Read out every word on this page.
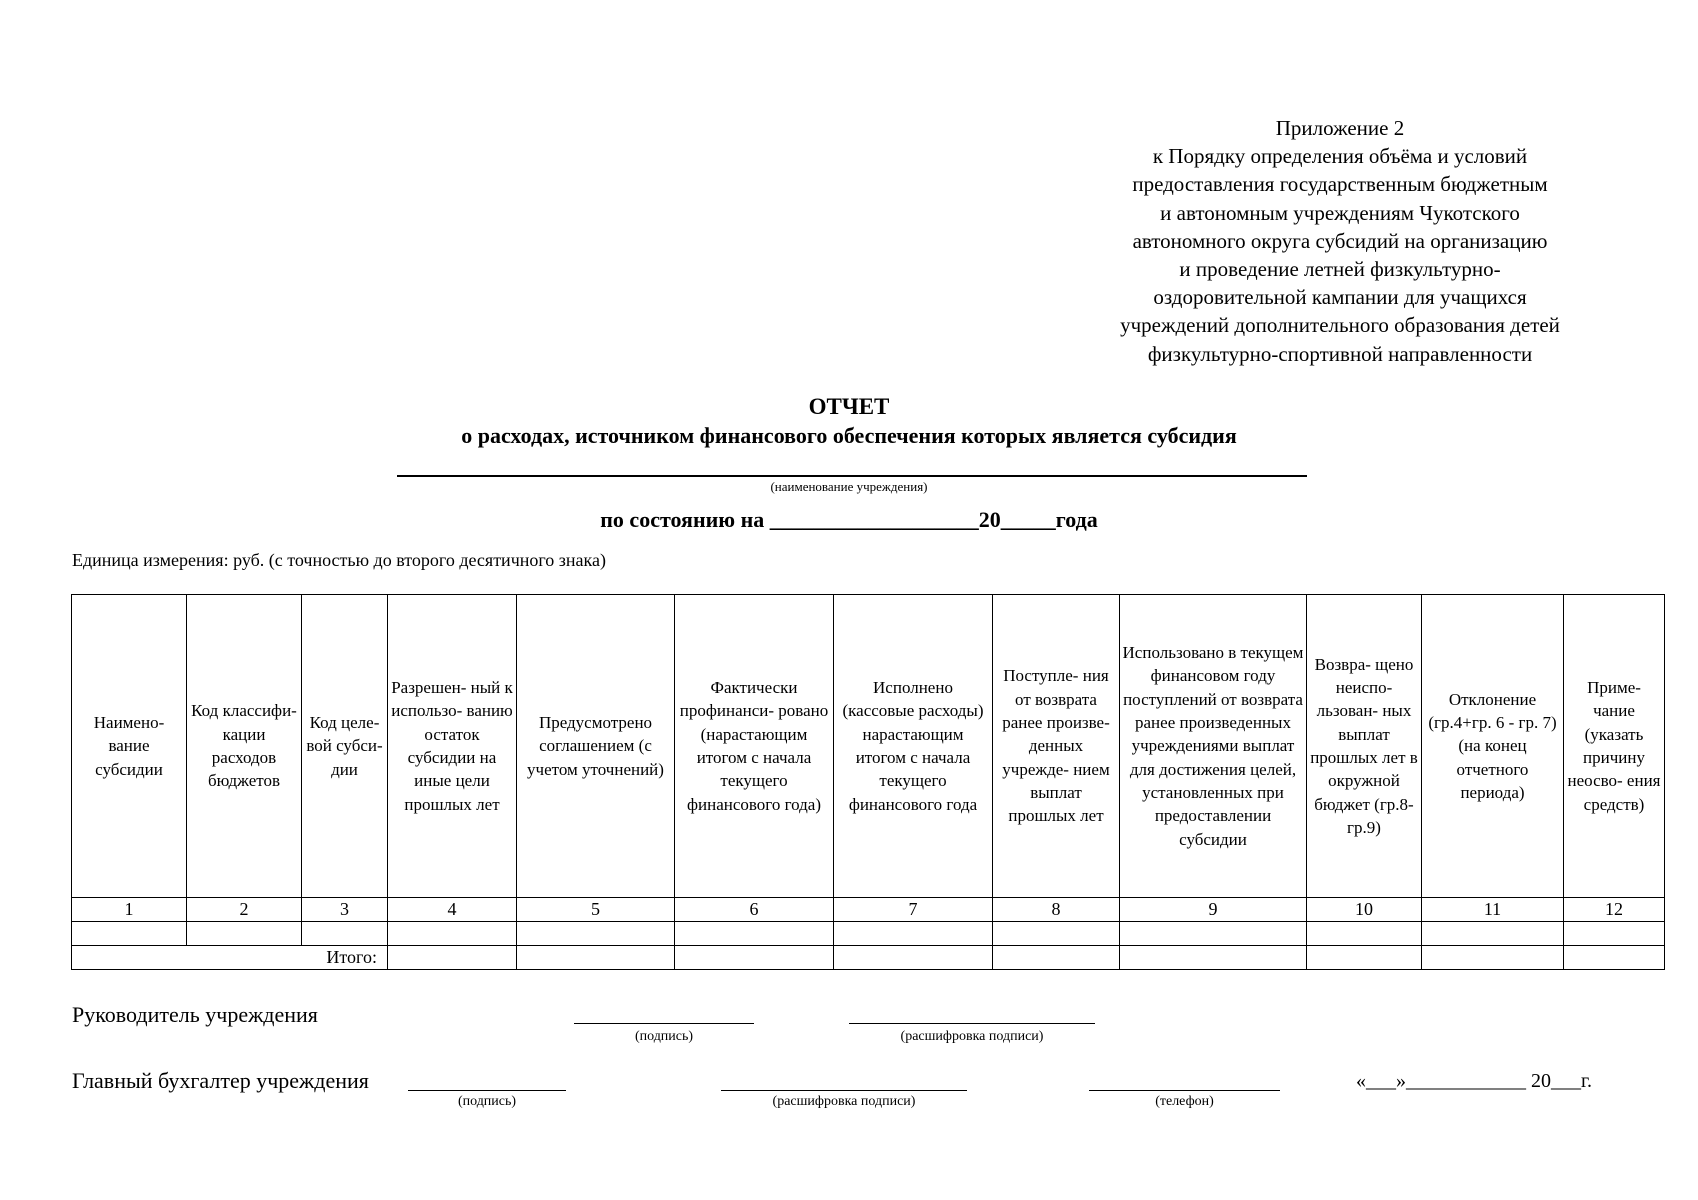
Приложение 2
к Порядку определения объёма и условий
предоставления государственным бюджетным
и автономным учреждениям Чукотского
автономного округа субсидий на организацию
и проведение летней физкультурно-
оздоровительной кампании для учащихся
учреждений дополнительного образования детей
физкультурно-спортивной направленности
ОТЧЕТ
о расходах, источником финансового обеспечения которых является субсидия
(наименование учреждения)
по состоянию на ___________________20_____года
Единица измерения: руб. (с точностью до второго десятичного знака)
Наимено- вание субсидии	Код классифи- кации расходов бюджетов	Код целе- вой субси- дии	Разрешен- ный к использо- ванию остаток субсидии на иные цели прошлых лет	Предусмотрено соглашением (с учетом уточнений)	Фактически профинанси- ровано (нарастающим итогом с начала текущего финансового года)	Исполнено (кассовые расходы) нарастающим итогом с начала текущего финансового года	Поступле- ния от возврата ранее произве- денных учрежде- нием выплат прошлых лет	Использовано в текущем финансовом году поступлений от возврата ранее произведенных учреждениями выплат для достижения целей, установленных при предоставлении субсидии	Возвра- щено неиспо- льзован- ных выплат прошлых лет в окружной бюджет (гр.8-гр.9)	Отклонение (гр.4+гр. 6 - гр. 7) (на конец отчетного периода)	Приме- чание (указать причину неосво- ения средств)
1	2	3	4	5	6	7	8	9	10	11	12

Итого:											
Руководитель учреждения
(подпись)	(расшифровка подписи)
Главный бухгалтер учреждения
(подпись)	(расшифровка подписи)	(телефон)
«___»____________ 20___г.
